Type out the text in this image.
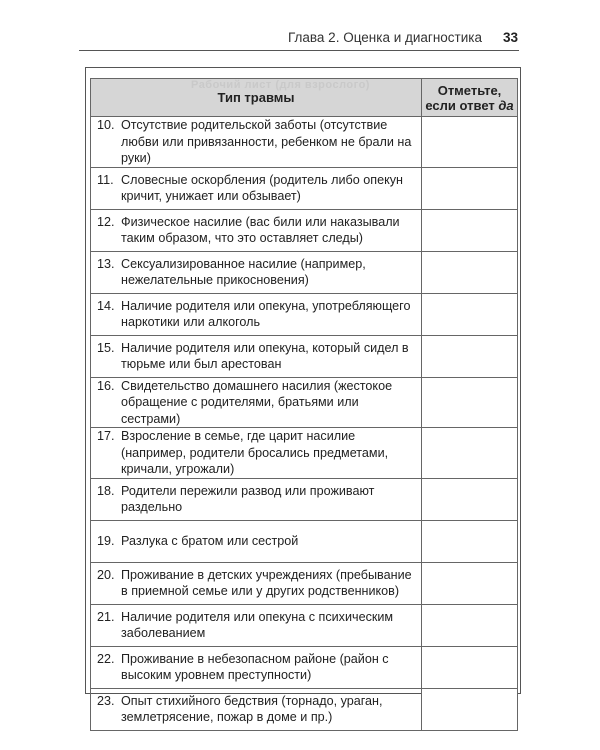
Глава 2. Оценка и диагностика 33
Рабочий лист (для взрослого)
Тип травмы	Отметьте,
если ответ да

10. Отсутствие родительской заботы (отсутствие любви или привязанности, ребенком не брали на руки)	

11. Словесные оскорбления (родитель либо опекун кричит, унижает или обзывает)	

12. Физическое насилие (вас били или наказывали таким образом, что это оставляет следы)	

13. Сексуализированное насилие (например, нежелательные прикосновения)	

14. Наличие родителя или опекуна, употребляющего наркотики или алкоголь	

15. Наличие родителя или опекуна, который сидел в тюрьме или был арестован	

16. Свидетельство домашнего насилия (жестокое обращение с родителями, братьями или сестрами)	

17. Взросление в семье, где царит насилие (например, родители бросались предметами, кричали, угрожали)	

18. Родители пережили развод или проживают раздельно	

19. Разлука с братом или сестрой	

20. Проживание в детских учреждениях (пребывание в приемной семье или у других родственников)	

21. Наличие родителя или опекуна с психическим заболеванием	

22. Проживание в небезопасном районе (район с высоким уровнем преступности)	

23. Опыт стихийного бедствия (торнадо, ураган, землетрясение, пожар в доме и пр.)	
